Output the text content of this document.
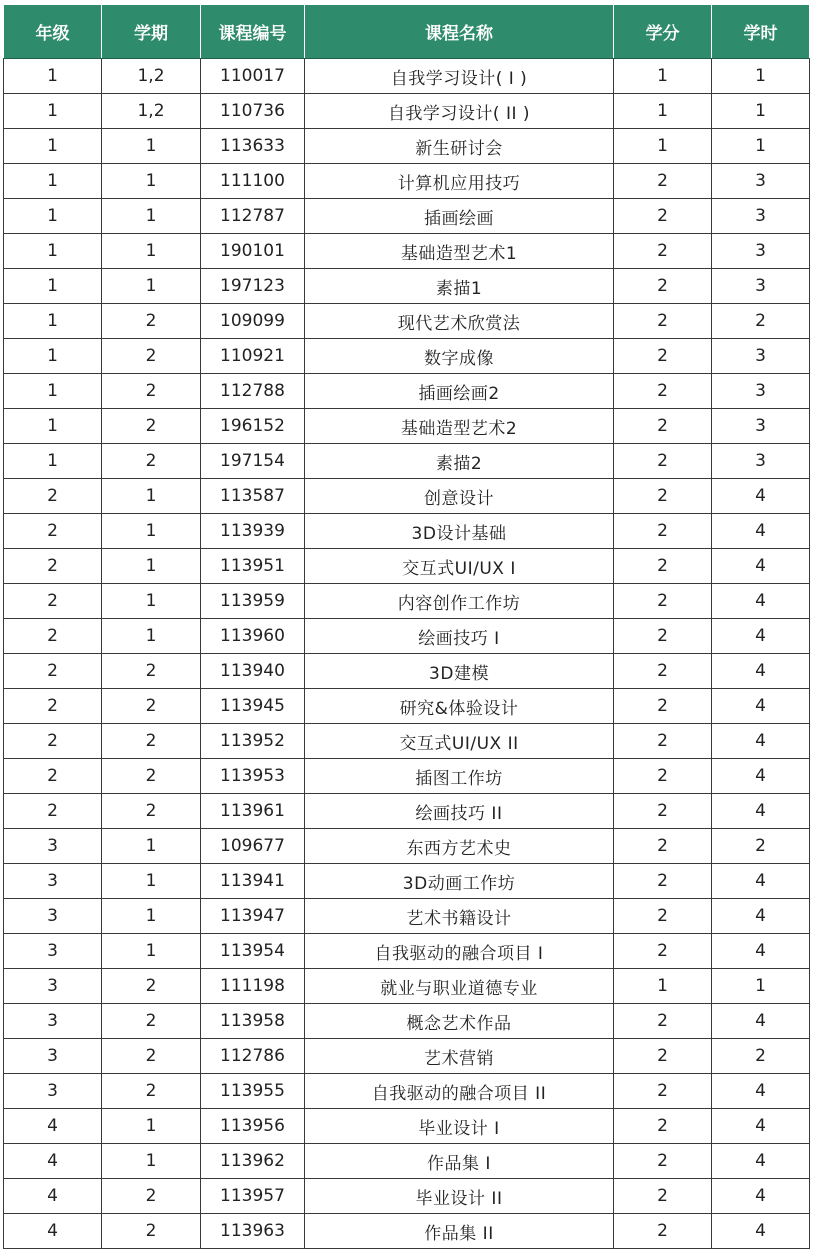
年级	学期	课程编号	课程名称	学分	学时
1	1,2	110017	自我学习设计( I )	1	1
1	1,2	110736	自我学习设计( II )	1	1
1	1	113633	新生研讨会	1	1
1	1	111100	计算机应用技巧	2	3
1	1	112787	插画绘画	2	3
1	1	190101	基础造型艺术1	2	3
1	1	197123	素描1	2	3
1	2	109099	现代艺术欣赏法	2	2
1	2	110921	数字成像	2	3
1	2	112788	插画绘画2	2	3
1	2	196152	基础造型艺术2	2	3
1	2	197154	素描2	2	3
2	1	113587	创意设计	2	4
2	1	113939	3D设计基础	2	4
2	1	113951	交互式UI/UX I	2	4
2	1	113959	内容创作工作坊	2	4
2	1	113960	绘画技巧 I	2	4
2	2	113940	3D建模	2	4
2	2	113945	研究&体验设计	2	4
2	2	113952	交互式UI/UX II	2	4
2	2	113953	插图工作坊	2	4
2	2	113961	绘画技巧 II	2	4
3	1	109677	东西方艺术史	2	2
3	1	113941	3D动画工作坊	2	4
3	1	113947	艺术书籍设计	2	4
3	1	113954	自我驱动的融合项目 I	2	4
3	2	111198	就业与职业道德专业	1	1
3	2	113958	概念艺术作品	2	4
3	2	112786	艺术营销	2	2
3	2	113955	自我驱动的融合项目 II	2	4
4	1	113956	毕业设计 I	2	4
4	1	113962	作品集 I	2	4
4	2	113957	毕业设计 II	2	4
4	2	113963	作品集 II	2	4
